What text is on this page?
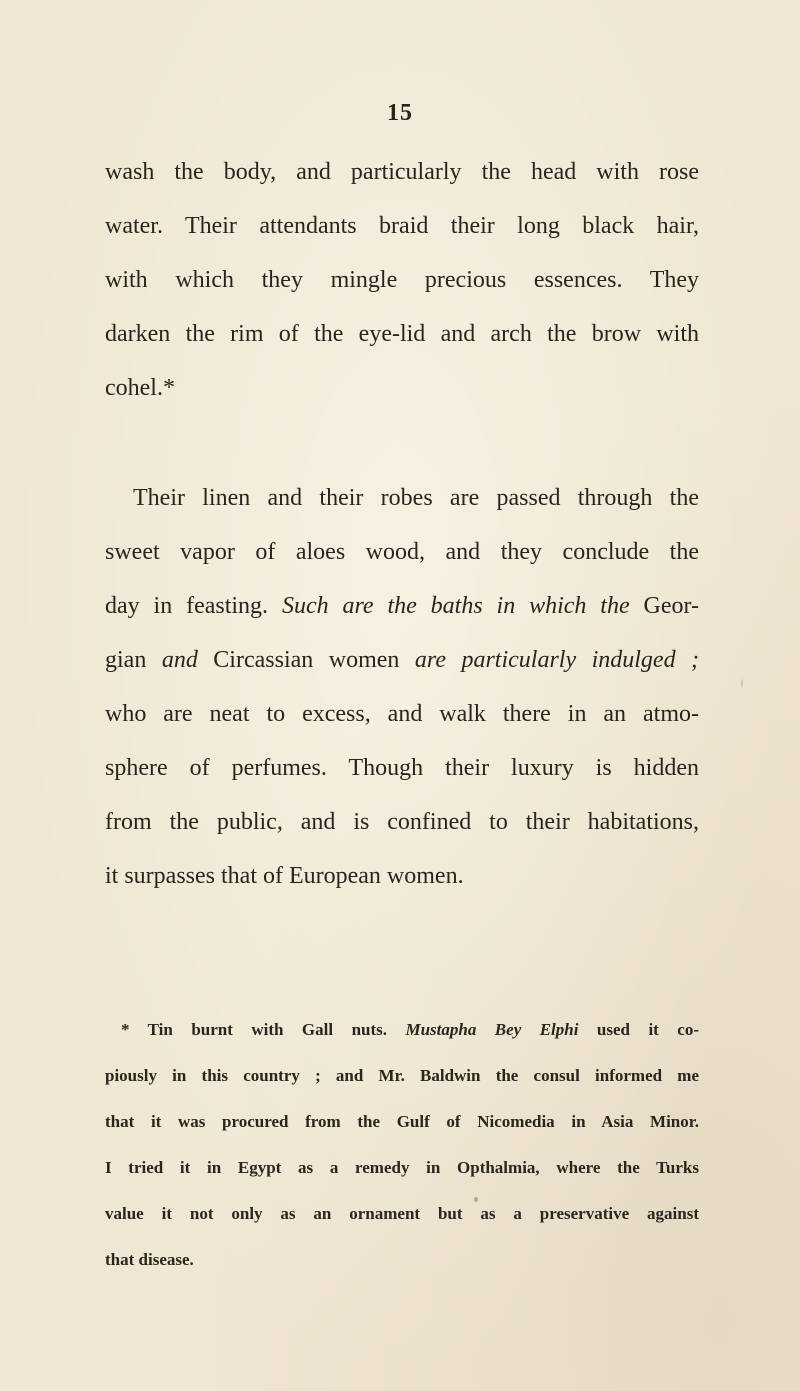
15
wash the body, and particularly the head with rose
water. Their attendants braid their long black hair,
with which they mingle precious essences. They
darken the rim of the eye-lid and arch the brow with
cohel.*
Their linen and their robes are passed through the
sweet vapor of aloes wood, and they conclude the
day in feasting. Such are the baths in which the Geor-
gian and Circassian women are particularly indulged ;
who are neat to excess, and walk there in an atmo-
sphere of perfumes. Though their luxury is hidden
from the public, and is confined to their habitations,
it surpasses that of European women.
* Tin burnt with Gall nuts. Mustapha Bey Elphi used it co-
piously in this country ; and Mr. Baldwin the consul informed me
that it was procured from the Gulf of Nicomedia in Asia Minor.
I tried it in Egypt as a remedy in Opthalmia, where the Turks
value it not only as an ornament but as a preservative against
that disease.
